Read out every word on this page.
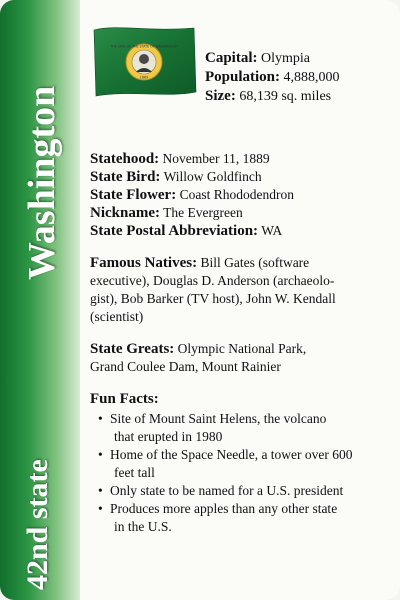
Washington
42nd state
THE SEAL OF THE STATE OF WASHINGTON
1889
Capital: Olympia
Population: 4,888,000
Size: 68,139 sq. miles
Statehood: November 11, 1889
State Bird: Willow Goldfinch
State Flower: Coast Rhododendron
Nickname: The Evergreen
State Postal Abbreviation: WA
Famous Natives: Bill Gates (software
executive), Douglas D. Anderson (archaeolo-
gist), Bob Barker (TV host), John W. Kendall
(scientist)
State Greats: Olympic National Park,
Grand Coulee Dam, Mount Rainier
Fun Facts:
• Site of Mount Saint Helens, the volcano
that erupted in 1980
• Home of the Space Needle, a tower over 600
feet tall
• Only state to be named for a U.S. president
• Produces more apples than any other state
in the U.S.
